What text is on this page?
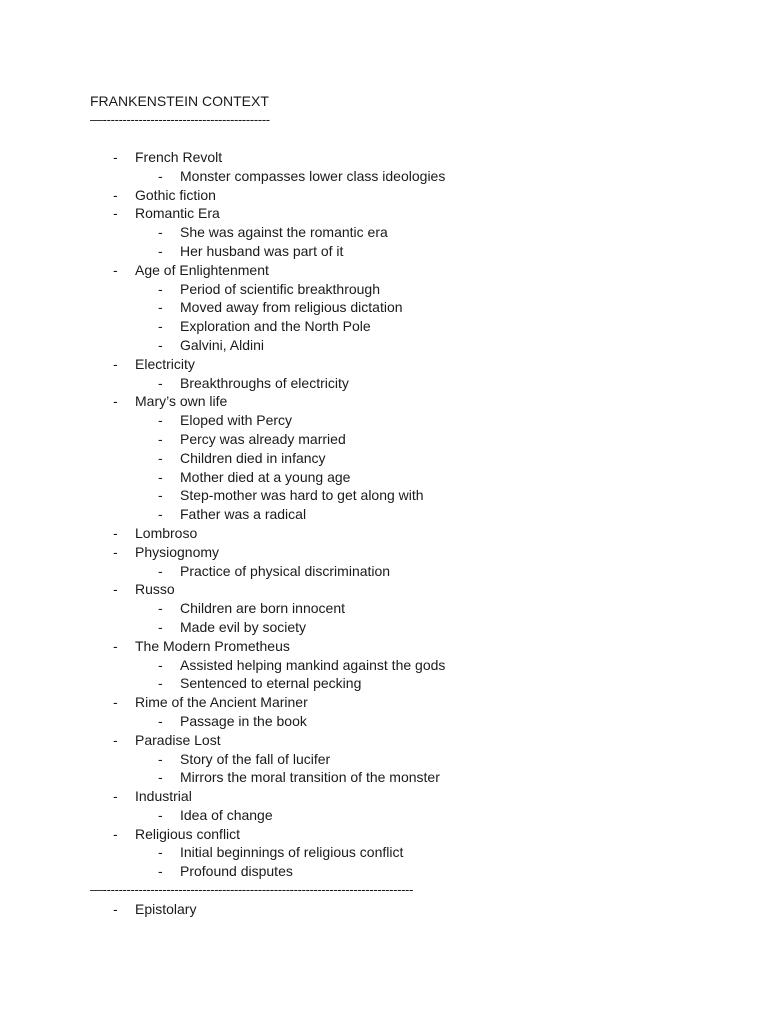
FRANKENSTEIN CONTEXT
—------------------------------------------
- French Revolt
- Monster compasses lower class ideologies
- Gothic fiction
- Romantic Era
- She was against the romantic era
- Her husband was part of it
- Age of Enlightenment
- Period of scientific breakthrough
- Moved away from religious dictation
- Exploration and the North Pole
- Galvini, Aldini
- Electricity
- Breakthroughs of electricity
- Mary’s own life
- Eloped with Percy
- Percy was already married
- Children died in infancy
- Mother died at a young age
- Step-mother was hard to get along with
- Father was a radical
- Lombroso
- Physiognomy
- Practice of physical discrimination
- Russo
- Children are born innocent
- Made evil by society
- The Modern Prometheus
- Assisted helping mankind against the gods
- Sentenced to eternal pecking
- Rime of the Ancient Mariner
- Passage in the book
- Paradise Lost
- Story of the fall of lucifer
- Mirrors the moral transition of the monster
- Industrial
- Idea of change
- Religious conflict
- Initial beginnings of religious conflict
- Profound disputes
—------------------------------------------------------------------------------
- Epistolary
